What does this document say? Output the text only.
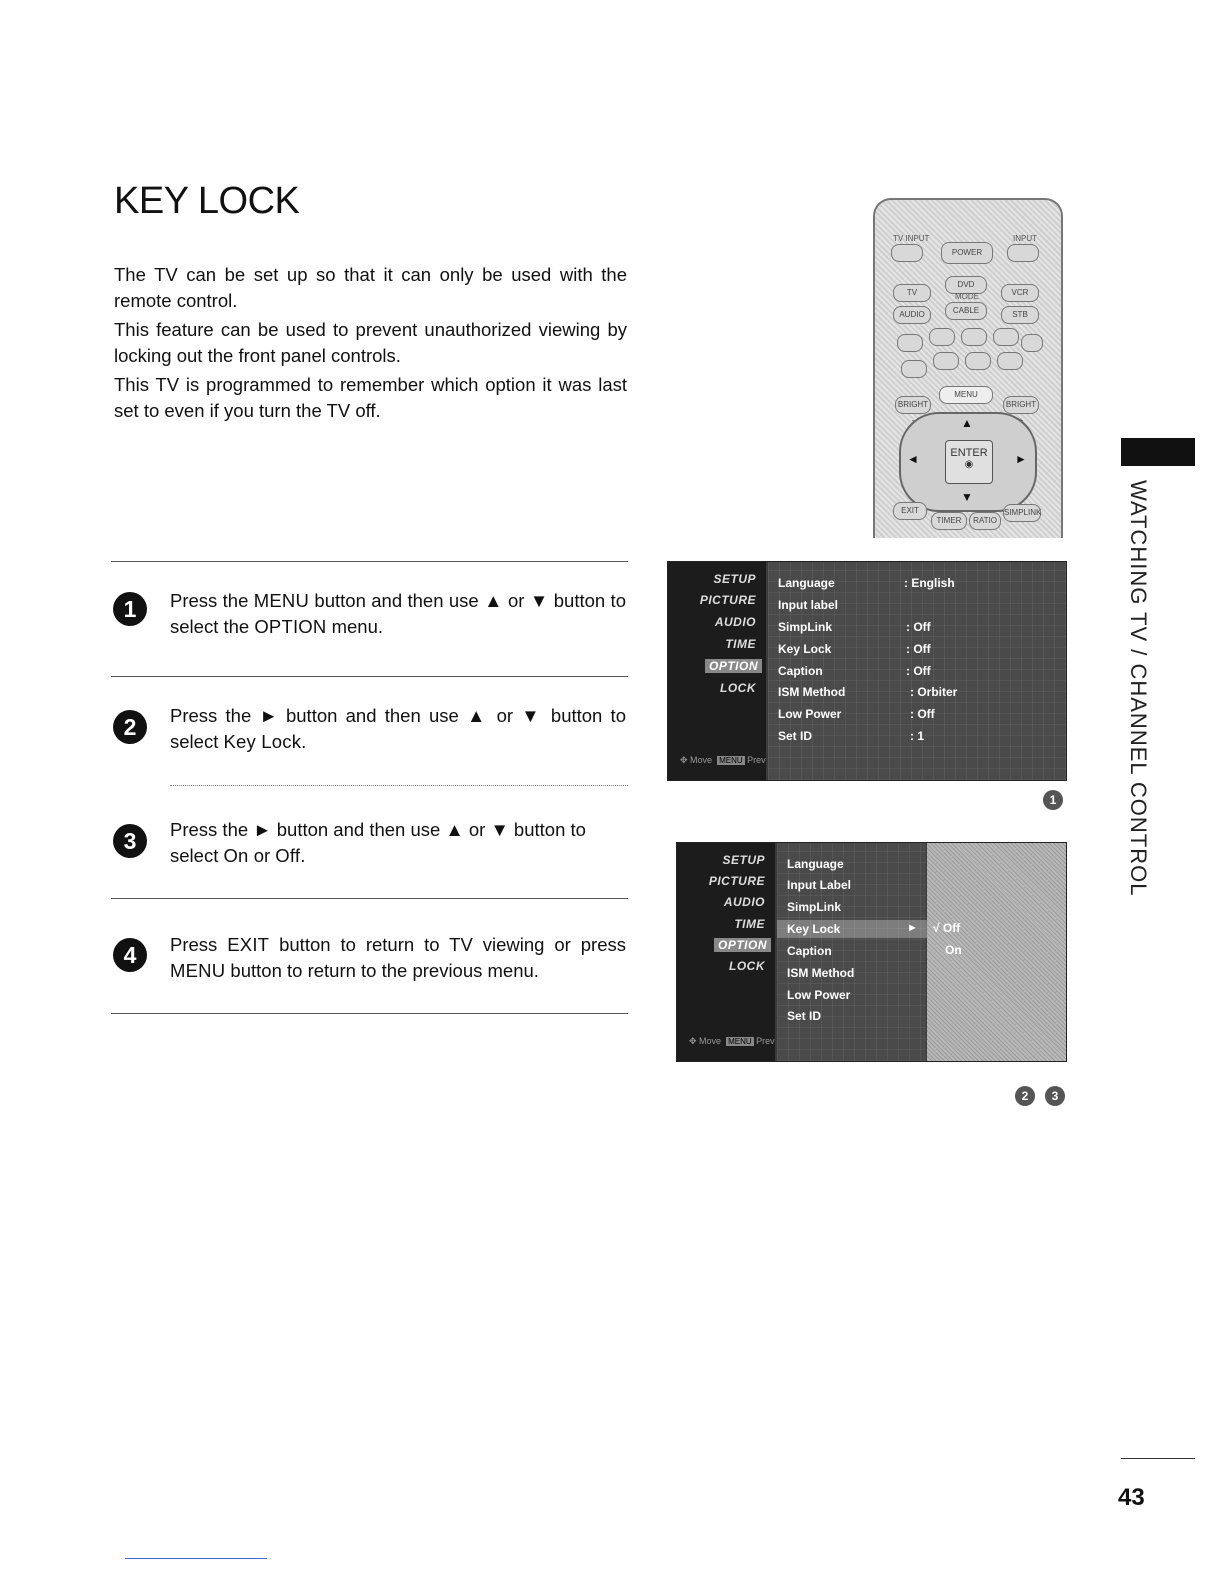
KEY LOCK

The TV can be set up so that it can only be used with the remote control.

This feature can be used to prevent unauthorized viewing by locking out the front panel controls.

This TV is programmed to remember which option it was last set to even if you turn the TV off.

TV INPUT	INPUT
POWER
TV
DVD
VCR
MODE
AUDIO	CABLE	STB
MENU
BRIGHT	BRIGHT
▲
▼
◄	►
ENTER
◉
EXIT
TIMER	RATIO
SIMPLINK
1	Press the MENU button and then use ▲ or ▼ button to select the OPTION menu.
2	Press the ► button and then use ▲ or ▼ button to select Key Lock.
3	Press the ► button and then use ▲ or ▼ button to select On or Off.
4	Press EXIT button to return to TV viewing or press MENU button to return to the previous menu.
SETUP
PICTURE
AUDIO
TIME
OPTION
LOCK
✥ Move MENU Prev
Language	: English
Input label
SimpLink	: Off
Key Lock	: Off
Caption	: Off
ISM Method	: Orbiter
Low Power	: Off
Set ID	: 1
1
SETUP
PICTURE
AUDIO
TIME
OPTION
LOCK
✥ Move MENU Prev
Language
Input Label
SimpLink
Key Lock	►
Caption
ISM Method
Low Power
Set ID
√ Off
On
2	3
WATCHING TV / CHANNEL CONTROL
43
